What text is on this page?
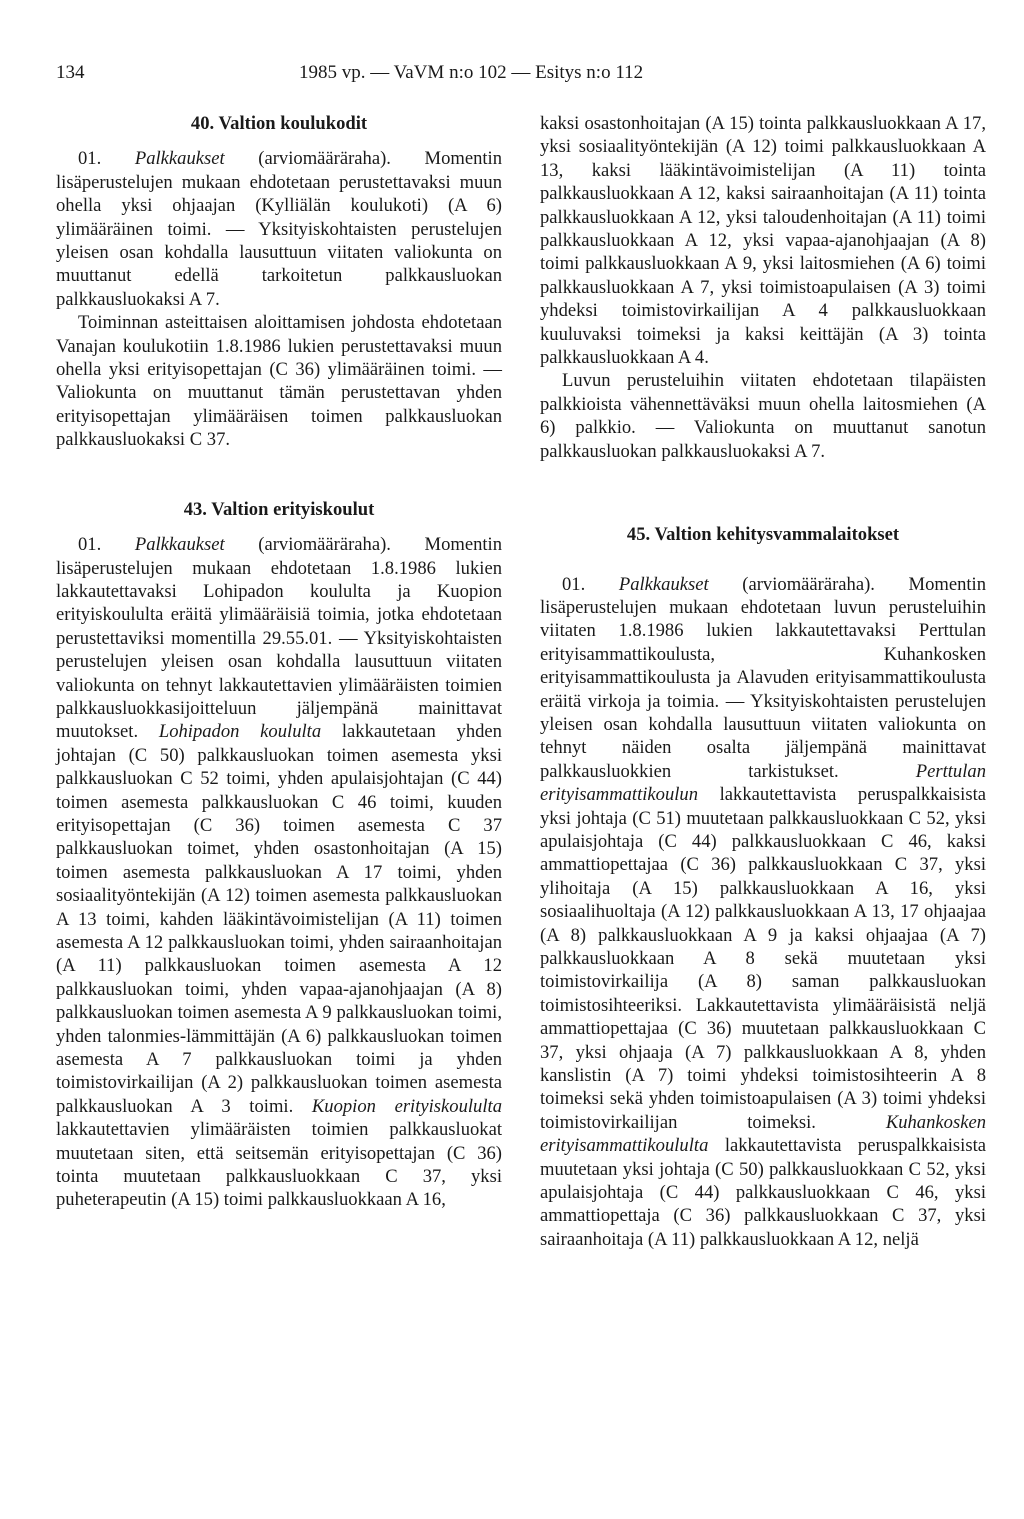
134	1985 vp. — VaVM n:o 102 — Esitys n:o 112
40. Valtion koulukodit

01. Palkkaukset (arviomääräraha). Momentin lisäperustelujen mukaan ehdotetaan perustettavaksi muun ohella yksi ohjaajan (Kylliälän koulukoti) (A 6) ylimääräinen toimi. — Yksityiskohtaisten perustelujen yleisen osan kohdalla lausuttuun viitaten valiokunta on muuttanut edellä tarkoitetun palkkausluokan palkkausluokaksi A 7.

Toiminnan asteittaisen aloittamisen johdosta ehdotetaan Vanajan koulukotiin 1.8.1986 lukien perustettavaksi muun ohella yksi erityisopettajan (C 36) ylimääräinen toimi. — Valiokunta on muuttanut tämän perustettavan yhden erityisopettajan ylimääräisen toimen palkkausluokan palkkausluokaksi C 37.

43. Valtion erityiskoulut

01. Palkkaukset (arviomääräraha). Momentin lisäperustelujen mukaan ehdotetaan 1.8.1986 lukien lakkautettavaksi Lohipadon koululta ja Kuopion erityiskoululta eräitä ylimääräisiä toimia, jotka ehdotetaan perustettaviksi momentilla 29.55.01. — Yksityiskohtaisten perustelujen yleisen osan kohdalla lausuttuun viitaten valiokunta on tehnyt lakkautettavien ylimääräisten toimien palkkausluokkasijoitteluun jäljempänä mainittavat muutokset. Lohipadon koululta lakkautetaan yhden johtajan (C 50) palkkausluokan toimen asemesta yksi palkkausluokan C 52 toimi, yhden apulaisjohtajan (C 44) toimen asemesta palkkausluokan C 46 toimi, kuuden erityisopettajan (C 36) toimen asemesta C 37 palkkausluokan toimet, yhden osastonhoitajan (A 15) toimen asemesta palkkausluokan A 17 toimi, yhden sosiaalityöntekijän (A 12) toimen asemesta palkkausluokan A 13 toimi, kahden lääkintävoimistelijan (A 11) toimen asemesta A 12 palkkausluokan toimi, yhden sairaanhoitajan (A 11) palkkausluokan toimen asemesta A 12 palkkausluokan toimi, yhden vapaa-ajanohjaajan (A 8) palkkausluokan toimen asemesta A 9 palkkausluokan toimi, yhden talonmies-lämmittäjän (A 6) palkkausluokan toimen asemesta A 7 palkkausluokan toimi ja yhden toimistovirkailijan (A 2) palkkausluokan toimen asemesta palkkausluokan A 3 toimi. Kuopion erityiskoululta lakkautettavien ylimääräisten toimien palkkausluokat muutetaan siten, että seitsemän erityisopettajan (C 36) tointa muutetaan palkkausluokkaan C 37, yksi puheterapeutin (A 15) toimi palkkausluokkaan A 16,

kaksi osastonhoitajan (A 15) tointa palkkausluokkaan A 17, yksi sosiaalityöntekijän (A 12) toimi palkkausluokkaan A 13, kaksi lääkintävoimistelijan (A 11) tointa palkkausluokkaan A 12, kaksi sairaanhoitajan (A 11) tointa palkkausluokkaan A 12, yksi taloudenhoitajan (A 11) toimi palkkausluokkaan A 12, yksi vapaa-ajanohjaajan (A 8) toimi palkkausluokkaan A 9, yksi laitosmiehen (A 6) toimi palkkausluokkaan A 7, yksi toimistoapulaisen (A 3) toimi yhdeksi toimistovirkailijan A 4 palkkausluokkaan kuuluvaksi toimeksi ja kaksi keittäjän (A 3) tointa palkkausluokkaan A 4.

Luvun perusteluihin viitaten ehdotetaan tilapäisten palkkioista vähennettäväksi muun ohella laitosmiehen (A 6) palkkio. — Valiokunta on muuttanut sanotun palkkausluokan palkkausluokaksi A 7.

45. Valtion kehitysvammalaitokset

01. Palkkaukset (arviomääräraha). Momentin lisäperustelujen mukaan ehdotetaan luvun perusteluihin viitaten 1.8.1986 lukien lakkautettavaksi Perttulan erityisammattikoulusta, Kuhankosken erityisammattikoulusta ja Alavuden erityisammattikoulusta eräitä virkoja ja toimia. — Yksityiskohtaisten perustelujen yleisen osan kohdalla lausuttuun viitaten valiokunta on tehnyt näiden osalta jäljempänä mainittavat palkkausluokkien tarkistukset.	Perttulan erityisammattikoulun lakkautettavista peruspalkkaisista yksi johtaja (C 51) muutetaan palkkausluokkaan C 52, yksi apulaisjohtaja (C 44) palkkausluokkaan C 46, kaksi ammattiopettajaa (C 36) palkkausluokkaan C 37, yksi ylihoitaja (A 15) palkkausluokkaan A 16, yksi sosiaalihuoltaja (A 12) palkkausluokkaan A 13, 17 ohjaajaa (A 8) palkkausluokkaan A 9 ja kaksi ohjaajaa (A 7) palkkausluokkaan A 8 sekä muutetaan yksi toimistovirkailija (A 8) saman palkkausluokan toimistosihteeriksi. Lakkautettavista ylimääräisistä neljä ammattiopettajaa (C 36) muutetaan palkkausluokkaan C 37, yksi ohjaaja (A 7) palkkausluokkaan A 8, yhden kanslistin (A 7) toimi yhdeksi toimistosihteerin A 8 toimeksi sekä yhden toimistoapulaisen (A 3) toimi yhdeksi toimistovirkailijan toimeksi.	Kuhankosken erityisammattikoululta lakkautettavista peruspalkkaisista muutetaan yksi johtaja (C 50) palkkausluokkaan C 52, yksi apulaisjohtaja (C 44) palkkausluokkaan C 46, yksi ammattiopettaja (C 36) palkkausluokkaan C 37, yksi sairaanhoitaja (A 11) palkkausluokkaan A 12, neljä
